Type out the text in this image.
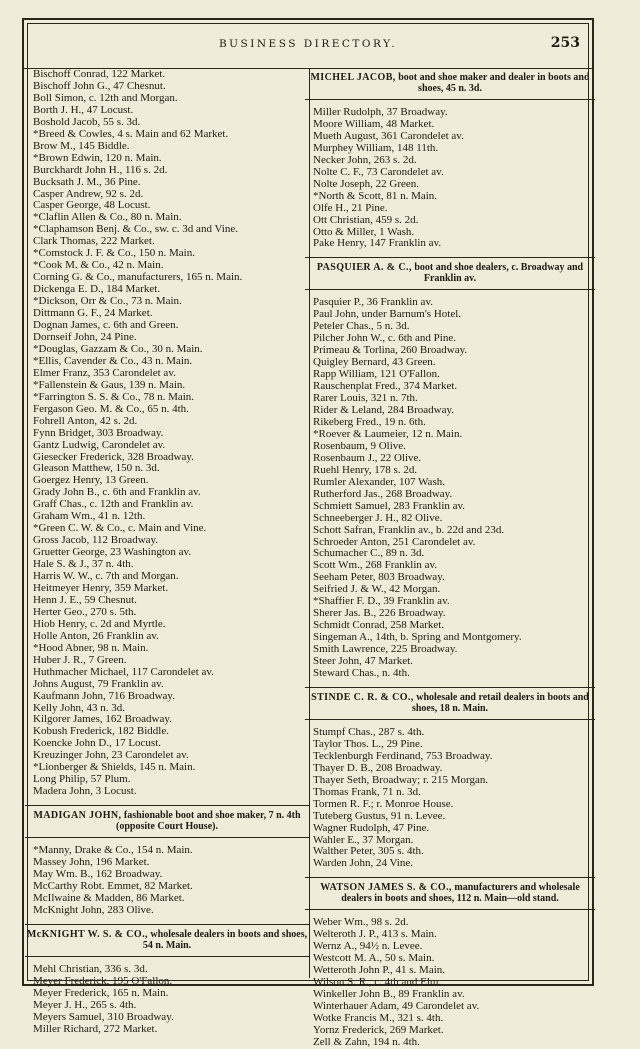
BUSINESS DIRECTORY.	253
Bischoff Conrad, 122 Market.
Bischoff John G., 47 Chesnut.
Boll Simon, c. 12th and Morgan.
Borth J. H., 47 Locust.
Boshold Jacob, 55 s. 3d.
*Breed & Cowles, 4 s. Main and 62 Market.
Brow M., 145 Biddle.
*Brown Edwin, 120 n. Main.
Burckhardt John H., 116 s. 2d.
Bucksath J. M., 36 Pine.
Casper Andrew, 92 s. 2d.
Casper George, 48 Locust.
*Claflin Allen & Co., 80 n. Main.
*Claphamson Benj. & Co., sw. c. 3d and Vine.
Clark Thomas, 222 Market.
*Comstock J. F. & Co., 150 n. Main.
*Cook M. & Co., 42 n. Main.
Corning G. & Co., manufacturers, 165 n. Main.
Dickenga E. D., 184 Market.
*Dickson, Orr & Co., 73 n. Main.
Dittmann G. F., 24 Market.
Dognan James, c. 6th and Green.
Dornseif John, 24 Pine.
*Douglas, Gazzam & Co., 30 n. Main.
*Ellis, Cavender & Co., 43 n. Main.
Elmer Franz, 353 Carondelet av.
*Fallenstein & Gaus, 139 n. Main.
*Farrington S. S. & Co., 78 n. Main.
Fergason Geo. M. & Co., 65 n. 4th.
Fohrell Anton, 42 s. 2d.
Fynn Bridget, 303 Broadway.
Gantz Ludwig, Carondelet av.
Giesecker Frederick, 328 Broadway.
Gleason Matthew, 150 n. 3d.
Goergez Henry, 13 Green.
Grady John B., c. 6th and Franklin av.
Graff Chas., c. 12th and Franklin av.
Graham Wm., 41 n. 12th.
*Green C. W. & Co., c. Main and Vine.
Gross Jacob, 112 Broadway.
Gruetter George, 23 Washington av.
Hale S. & J., 37 n. 4th.
Harris W. W., c. 7th and Morgan.
Heitmeyer Henry, 359 Market.
Henn J. E., 59 Chesnut.
Herter Geo., 270 s. 5th.
Hiob Henry, c. 2d and Myrtle.
Holle Anton, 26 Franklin av.
*Hood Abner, 98 n. Main.
Huber J. R., 7 Green.
Huthmacher Michael, 117 Carondelet av.
Johns August, 79 Franklin av.
Kaufmann John, 716 Broadway.
Kelly John, 43 n. 3d.
Kilgorer James, 162 Broadway.
Kobush Frederick, 182 Biddle.
Koencke John D., 17 Locust.
Kreuzinger John, 23 Carondelet av.
*Lionberger & Shields, 145 n. Main.
Long Philip, 57 Plum.
Madera John, 3 Locust.
MADIGAN JOHN, fashionable boot and shoe maker, 7 n. 4th (opposite Court House).
*Manny, Drake & Co., 154 n. Main.
Massey John, 196 Market.
May Wm. B., 162 Broadway.
McCarthy Robt. Emmet, 82 Market.
McIlwaine & Madden, 86 Market.
McKnight John, 283 Olive.
McKNIGHT W. S. & CO., wholesale dealers in boots and shoes, 54 n. Main.
Mehl Christian, 336 s. 3d.
Meyer Frederick, 195 O'Fallon.
Meyer Frederick, 165 n. Main.
Meyer J. H., 265 s. 4th.
Meyers Samuel, 310 Broadway.
Miller Richard, 272 Market.
MICHEL JACOB, boot and shoe maker and dealer in boots and shoes, 45 n. 3d.
Miller Rudolph, 37 Broadway.
Moore William, 48 Market.
Mueth August, 361 Carondelet av.
Murphey William, 148 11th.
Necker John, 263 s. 2d.
Nolte C. F., 73 Carondelet av.
Nolte Joseph, 22 Green.
*North & Scott, 81 n. Main.
Olfe H., 21 Pine.
Ott Christian, 459 s. 2d.
Otto & Miller, 1 Wash.
Pake Henry, 147 Franklin av.
PASQUIER A. & C., boot and shoe dealers, c. Broadway and Franklin av.
Pasquier P., 36 Franklin av.
Paul John, under Barnum's Hotel.
Peteler Chas., 5 n. 3d.
Pilcher John W., c. 6th and Pine.
Primeau & Torlina, 260 Broadway.
Quigley Bernard, 43 Green.
Rapp William, 121 O'Fallon.
Rauschenplat Fred., 374 Market.
Rarer Louis, 321 n. 7th.
Rider & Leland, 284 Broadway.
Rikeberg Fred., 19 n. 6th.
*Roever & Laumeier, 12 n. Main.
Rosenbaum, 9 Olive.
Rosenbaum J., 22 Olive.
Ruehl Henry, 178 s. 2d.
Rumler Alexander, 107 Wash.
Rutherford Jas., 268 Broadway.
Schmiett Samuel, 283 Franklin av.
Schneeberger J. H., 82 Olive.
Schott Safran, Franklin av., b. 22d and 23d.
Schroeder Anton, 251 Carondelet av.
Schumacher C., 89 n. 3d.
Scott Wm., 268 Franklin av.
Seeham Peter, 803 Broadway.
Seifried J. & W., 42 Morgan.
*Shaffier F. D., 39 Franklin av.
Sherer Jas. B., 226 Broadway.
Schmidt Conrad, 258 Market.
Singeman A., 14th, b. Spring and Montgomery.
Smith Lawrence, 225 Broadway.
Steer John, 47 Market.
Steward Chas., n. 4th.
STINDE C. R. & CO., wholesale and retail dealers in boots and shoes, 18 n. Main.
Stumpf Chas., 287 s. 4th.
Taylor Thos. L., 29 Pine.
Tecklenburgh Ferdinand, 753 Broadway.
Thayer D. B., 208 Broadway.
Thayer Seth, Broadway; r. 215 Morgan.
Thomas Frank, 71 n. 3d.
Tormen R. F.; r. Monroe House.
Tuteberg Gustus, 91 n. Levee.
Wagner Rudolph, 47 Pine.
Wahler E., 37 Morgan.
Walther Peter, 305 s. 4th.
Warden John, 24 Vine.
WATSON JAMES S. & CO., manufacturers and wholesale dealers in boots and shoes, 112 n. Main—old stand.
Weber Wm., 98 s. 2d.
Welteroth J. P., 413 s. Main.
Wernz A., 94½ n. Levee.
Westcott M. A., 50 s. Main.
Wetteroth John P., 41 s. Main.
Wilson S. R., c. 4th and Elm.
Winkeller John B., 89 Franklin av.
Winterhauer Adam, 49 Carondelet av.
Wotke Francis M., 321 s. 4th.
Yornz Frederick, 269 Market.
Zell & Zahn, 194 n. 4th.
